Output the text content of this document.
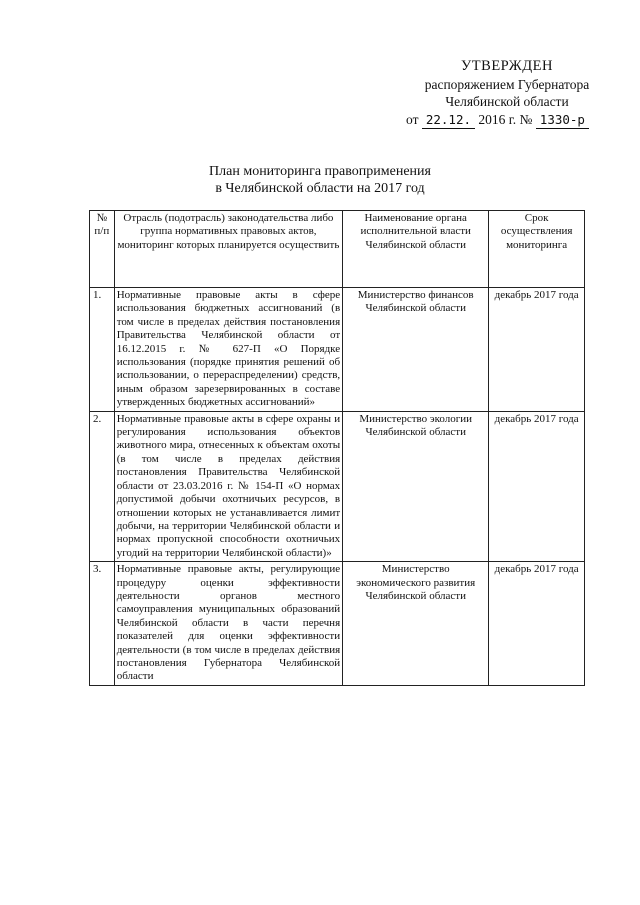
УТВЕРЖДЕН
распоряжением Губернатора
Челябинской области
от 22.12. 2016 г. № 1330-р
План мониторинга правоприменения
в Челябинской области на 2017 год
№ п/п	Отрасль (подотрасль) законодательства либо группа нормативных правовых актов, мониторинг которых планируется осуществить	Наименование органа исполнительной власти Челябинской области	Срок осуществления мониторинга
1.	Нормативные правовые акты в сфере использования бюджетных ассигнований (в том числе в пределах действия постановления Правительства Челябинской области от 16.12.2015 г. № 627-П «О Порядке использования (порядке принятия решений об использовании, о перераспределении) средств, иным образом зарезервированных в составе утвержденных бюджетных ассигнований»	Министерство финансов Челябинской области	декабрь 2017 года
2.	Нормативные правовые акты в сфере охраны и регулирования использования объектов животного мира, отнесенных к объектам охоты (в том числе в пределах действия постановления Правительства Челябинской области от 23.03.2016 г. № 154-П «О нормах допустимой добычи охотничьих ресурсов, в отношении которых не устанавливается лимит добычи, на территории Челябинской области и нормах пропускной способности охотничьих угодий на территории Челябинской области)»	Министерство экологии Челябинской области	декабрь 2017 года
3.	Нормативные правовые акты, регулирующие процедуру оценки эффективности деятельности органов местного самоуправления муниципальных образований Челябинской области в части перечня показателей для оценки эффективности деятельности (в том числе в пределах действия постановления Губернатора Челябинской области	Министерство экономического развития Челябинской области	декабрь 2017 года
